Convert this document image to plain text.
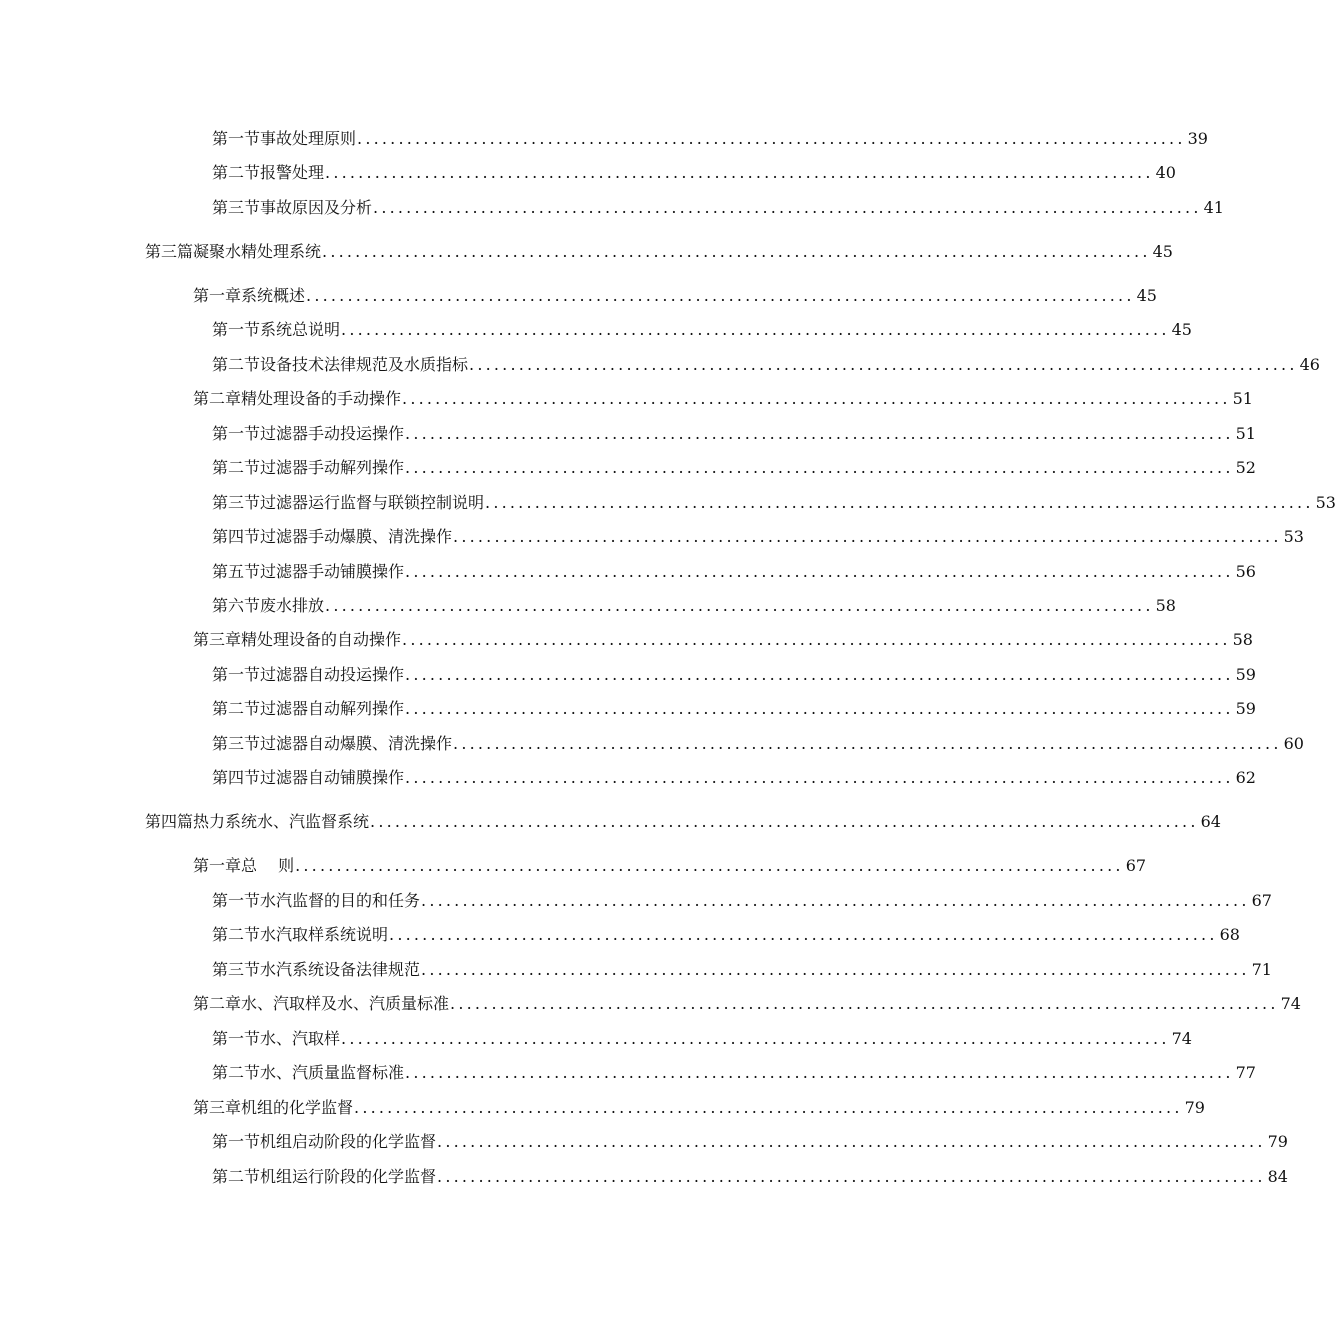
第一节 事故处理原则 .................................................................................................... 39
第二节 报警处理 .................................................................................................... 40
第三节 事故原因及分析 .................................................................................................... 41
第三篇 凝聚水精处理系统 .................................................................................................... 45
第一章 系统概述 .................................................................................................... 45
第一节 系统总说明 .................................................................................................... 45
第二节 设备技术法律规范及水质指标 .................................................................................................... 46
第二章 精处理设备的手动操作 .................................................................................................... 51
第一节 过滤器手动投运操作 .................................................................................................... 51
第二节 过滤器手动解列操作 .................................................................................................... 52
第三节 过滤器运行监督与联锁控制说明 .................................................................................................... 53
第四节 过滤器手动爆膜、清洗操作 .................................................................................................... 53
第五节 过滤器手动铺膜操作 .................................................................................................... 56
第六节 废水排放 .................................................................................................... 58
第三章 精处理设备的自动操作 .................................................................................................... 58
第一节 过滤器自动投运操作 .................................................................................................... 59
第二节 过滤器自动解列操作 .................................................................................................... 59
第三节 过滤器自动爆膜、清洗操作 .................................................................................................... 60
第四节 过滤器自动铺膜操作 .................................................................................................... 62
第四篇 热力系统水、汽监督系统 .................................................................................................... 64
第一章 总　 则 .................................................................................................... 67
第一节 水汽监督的目的和任务 .................................................................................................... 67
第二节 水汽取样系统说明 .................................................................................................... 68
第三节 水汽系统设备法律规范 .................................................................................................... 71
第二章 水、汽取样及水、汽质量标准 .................................................................................................... 74
第一节 水、汽取样 .................................................................................................... 74
第二节 水、汽质量监督标准 .................................................................................................... 77
第三章 机组的化学监督 .................................................................................................... 79
第一节 机组启动阶段的化学监督 .................................................................................................... 79
第二节 机组运行阶段的化学监督 .................................................................................................... 84
